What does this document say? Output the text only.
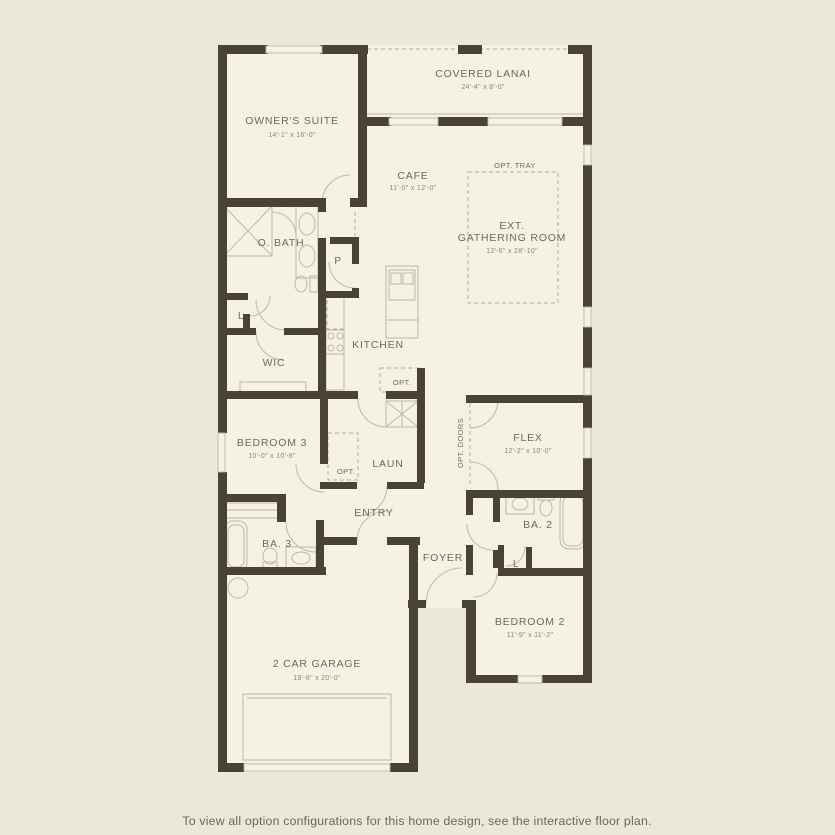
OWNER'S SUITE
14'-1" x 16'-0"
COVERED LANAI
24'-4" x 8'-0"
CAFE
11'-0" x 12'-0"
OPT. TRAY
EXT.
GATHERING ROOM
12'-6" x 28'-10"
O. BATH
P
L
WIC
KITCHEN
OPT.
BEDROOM 3
10'-0" x 10'-8"
LAUN
OPT.
ENTRY
BA. 3
FOYER
FLEX
12'-2" x 10'-0"
OPT. DOORS
BA. 2
L
BEDROOM 2
11'-9" x 11'-2"
2 CAR GARAGE
19'-8" x 20'-0"
To view all option configurations for this home design, see the interactive floor plan.
